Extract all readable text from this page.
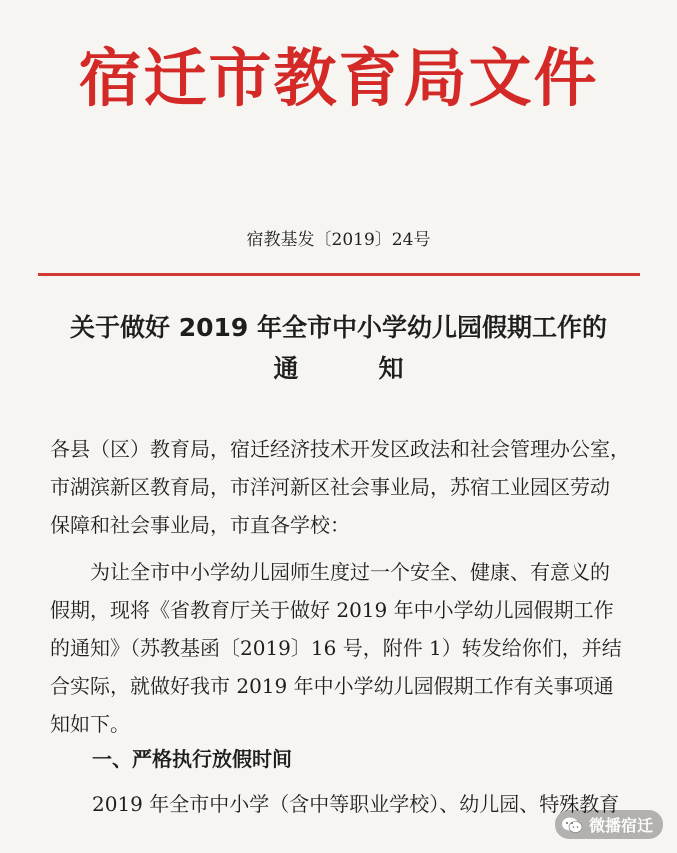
宿迁市教育局文件
宿教基发〔2019〕24号
关于做好 2019 年全市中小学幼儿园假期工作的
通知
各县（区）教育局，宿迁经济技术开发区政法和社会管理办公室，
市湖滨新区教育局，市洋河新区社会事业局，苏宿工业园区劳动
保障和社会事业局，市直各学校：
为让全市中小学幼儿园师生度过一个安全、健康、有意义的
假期，现将《省教育厅关于做好 2019 年中小学幼儿园假期工作
的通知》（苏教基函〔2019〕16 号，附件 1）转发给你们，并结
合实际，就做好我市 2019 年中小学幼儿园假期工作有关事项通
知如下。
一、严格执行放假时间
2019 年全市中小学（含中等职业学校）、幼儿园、特殊教育
微播宿迁
